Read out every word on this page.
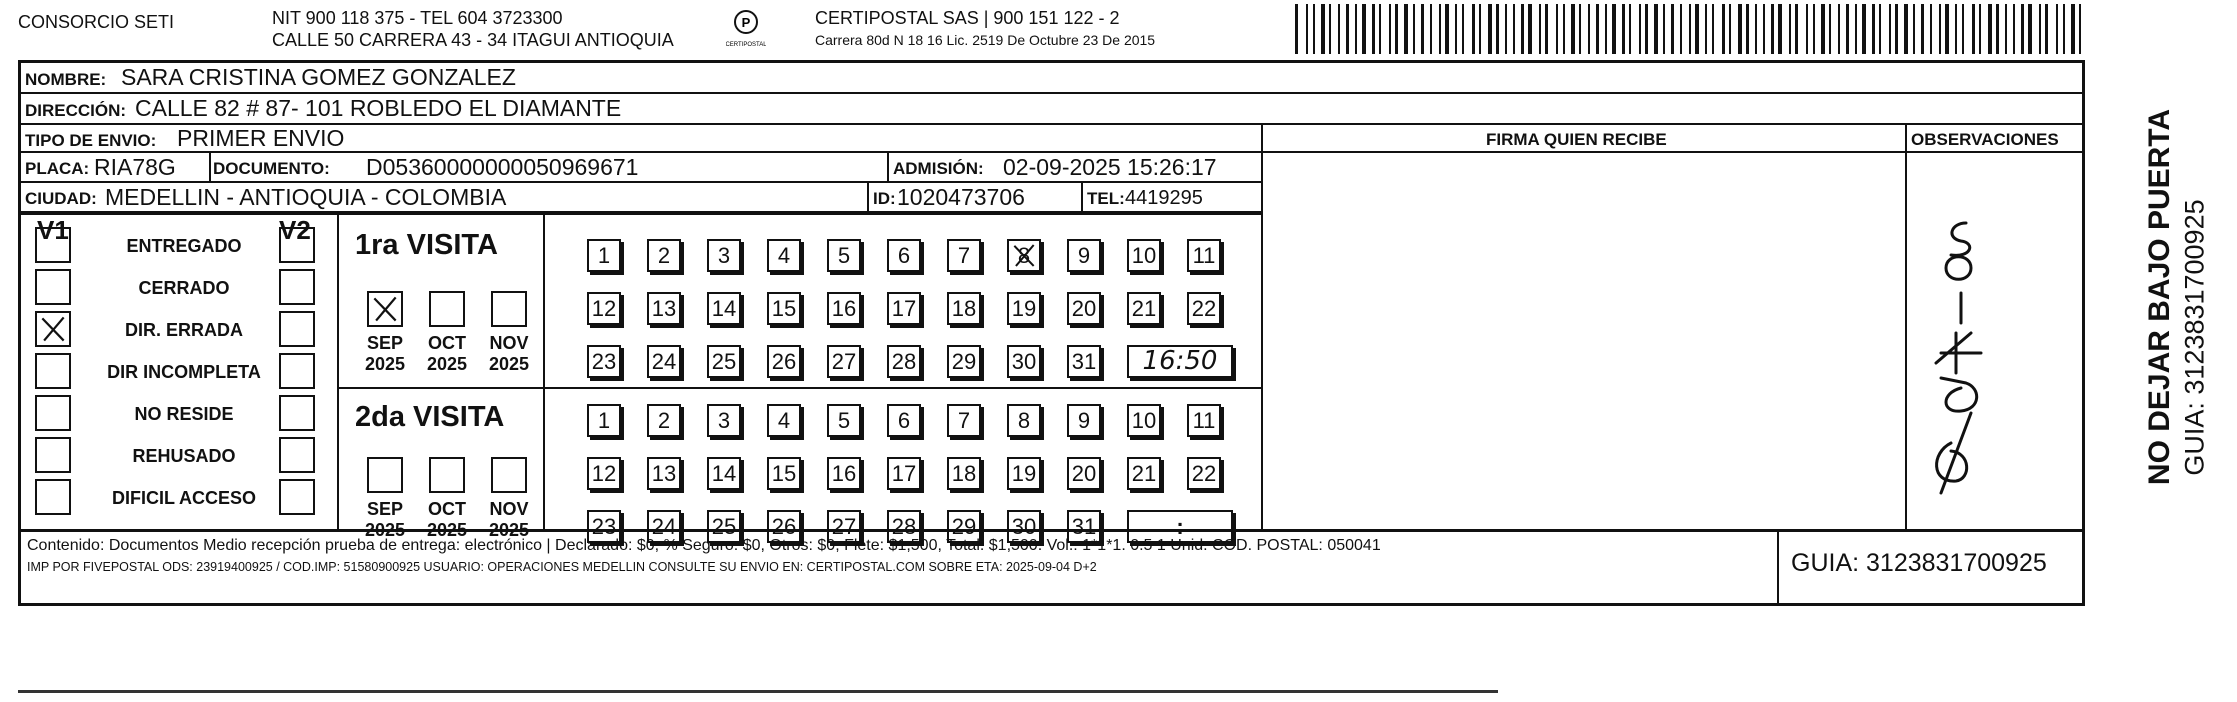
CONSORCIO SETI	NIT 900 118 375 - TEL 604 3723300
CALLE 50 CARRERA 43 - 34 ITAGUI ANTIOQUIA
P
CERTIPOSTAL
CERTIPOSTAL SAS | 900 151 122 - 2
Carrera 80d N 18 16 Lic. 2519 De Octubre 23 De 2015
NOMBRE: SARA CRISTINA GOMEZ GONZALEZ
DIRECCIÓN: CALLE 82 # 87- 101 ROBLEDO EL DIAMANTE
TIPO DE ENVIO: PRIMER ENVIO	FIRMA QUIEN RECIBE	OBSERVACIONES
PLACA: RIA78G DOCUMENTO: D05360000000050969671	ADMISIÓN: 02-09-2025 15:26:17
CIUDAD: MEDELLIN - ANTIOQUIA - COLOMBIA	ID: 1020473706	TEL: 4419295
V1	V2
ENTREGADO
CERRADO
DIR. ERRADA
DIR INCOMPLETA
NO RESIDE
REHUSADO
DIFICIL ACCESO
1ra VISITA
SEP
2025
OCT
2025
NOV
2025
1	2	3	4	5	6	7	8	9	10 11
12 13 14 15 16 17 18 19 20 21 22
23 24 25 26 27 28 29 30 31	16:50
2da VISITA
SEP
2025
OCT
2025
NOV
2025
1	2	3	4	5	6	7	8	9	10 11
12 13 14 15 16 17 18 19 20 21 22
23 24 25 26 27 28 29 30 31	:
Contenido: Documentos Medio recepción prueba de entrega: electrónico | Declarado: $0, % Seguro: $0, Otros: $0, Flete: $1,500, Total: $1,500. Vol.: 1*1*1. 0.5 1 Unid. COD. POSTAL: 050041
IMP POR FIVEPOSTAL ODS: 23919400925 / COD.IMP: 51580900925 USUARIO: OPERACIONES MEDELLIN CONSULTE SU ENVIO EN: CERTIPOSTAL.COM SOBRE ETA: 2025-09-04 D+2	GUIA: 3123831700925
NO DEJAR BAJO PUERTA GUIA: 3123831700925
